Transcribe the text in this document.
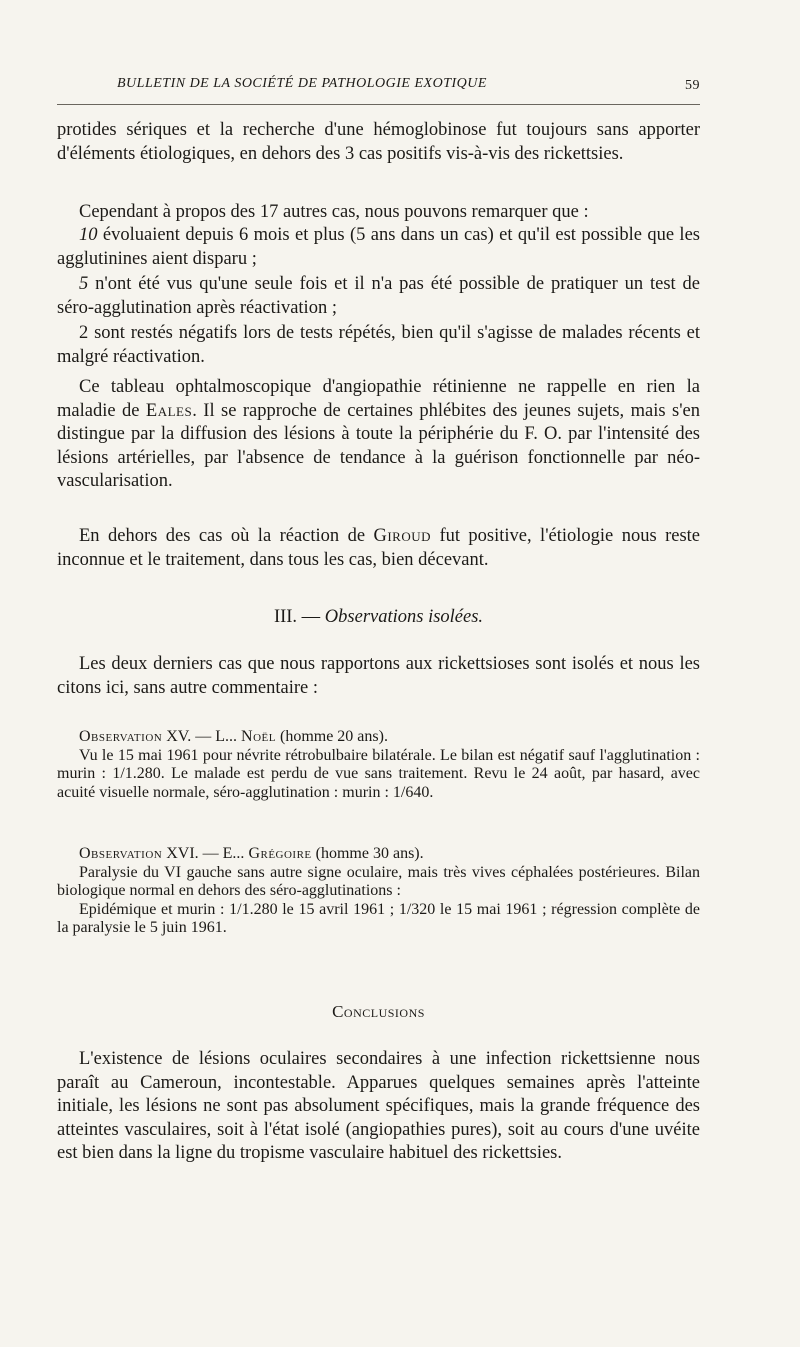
BULLETIN DE LA SOCIÉTÉ DE PATHOLOGIE EXOTIQUE	59

protides sériques et la recherche d'une hémoglobinose fut toujours sans apporter d'éléments étiologiques, en dehors des 3 cas positifs vis-à-vis des rickettsies.

Cependant à propos des 17 autres cas, nous pouvons remarquer que :

10 évoluaient depuis 6 mois et plus (5 ans dans un cas) et qu'il est possible que les agglutinines aient disparu ;

5 n'ont été vus qu'une seule fois et il n'a pas été possible de pratiquer un test de séro-agglutination après réactivation ;

2 sont restés négatifs lors de tests répétés, bien qu'il s'agisse de malades récents et malgré réactivation.

Ce tableau ophtalmoscopique d'angiopathie rétinienne ne rappelle en rien la maladie de Eales. Il se rapproche de certaines phlébites des jeunes sujets, mais s'en distingue par la diffusion des lésions à toute la périphérie du F. O. par l'intensité des lésions artérielles, par l'absence de tendance à la guérison fonctionnelle par néo-vascularisation.

En dehors des cas où la réaction de Giroud fut positive, l'étiologie nous reste inconnue et le traitement, dans tous les cas, bien décevant.

III. — Observations isolées.

Les deux derniers cas que nous rapportons aux rickettsioses sont isolés et nous les citons ici, sans autre commentaire :

Observation XV. — L... Noël (homme 20 ans).
Vu le 15 mai 1961 pour névrite rétrobulbaire bilatérale. Le bilan est négatif sauf l'agglutination : murin : 1/1.280. Le malade est perdu de vue sans traitement. Revu le 24 août, par hasard, avec acuité visuelle normale, séro-agglutination : murin : 1/640.
Observation XVI. — E... Grégoire (homme 30 ans).
Paralysie du VI gauche sans autre signe oculaire, mais très vives céphalées postérieures. Bilan biologique normal en dehors des séro-agglutinations :
Epidémique et murin : 1/1.280 le 15 avril 1961 ; 1/320 le 15 mai 1961 ; régression complète de la paralysie le 5 juin 1961.

Conclusions

L'existence de lésions oculaires secondaires à une infection rickettsienne nous paraît au Cameroun, incontestable. Apparues quelques semaines après l'atteinte initiale, les lésions ne sont pas absolument spécifiques, mais la grande fréquence des atteintes vasculaires, soit à l'état isolé (angiopathies pures), soit au cours d'une uvéite est bien dans la ligne du tropisme vasculaire habituel des rickettsies.
